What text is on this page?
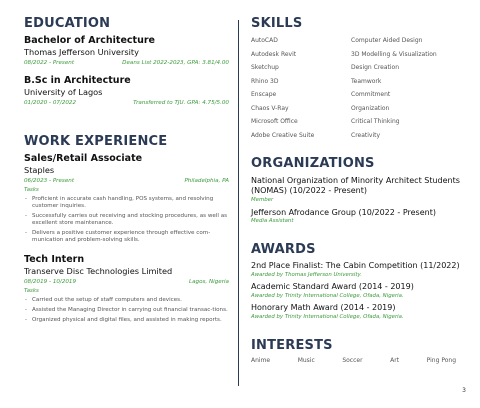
EDUCATION
Bachelor of Architecture
Thomas Jefferson University
08/2022 - Present	Deans List 2022-2023, GPA: 3.81/4.00
B.Sc in Architecture
University of Lagos
01/2020 - 07/2022	Transferred to TJU. GPA: 4.75/5.00
WORK EXPERIENCE
Sales/Retail Associate
Staples
06/2023 - Present	Philadelphia, PA
Tasks
- Proficient in accurate cash handling, POS systems, and resolving customer inquiries.
- Successfully carries out receiving and stocking procedures, as well as excellent store maintenance.
- Delivers a positive customer experience through effective com-munication and problem-solving skills.
Tech Intern
Transerve Disc Technologies Limited
08/2019 - 10/2019	Lagos, Nigeria
Tasks
- Carried out the setup of staff computers and devices.
- Assisted the Managing Director in carrying out financial transac-tions.
- Organized physical and digital files, and assisted in making reports.
SKILLS
AutoCAD	Computer Aided Design
Autodesk Revit	3D Modelling & Visualization
Sketchup	Design Creation
Rhino 3D	Teamwork
Enscape	Commitment
Chaos V-Ray	Organization
Microsoft Office	Critical Thinking
Adobe Creative Suite	Creativity
ORGANIZATIONS
National Organization of Minority Architect Students (NOMAS) (10/2022 - Present)
Member
Jefferson Afrodance Group (10/2022 - Present)
Media Assistant
AWARDS
2nd Place Finalist: The Cabin Competition (11/2022)
Awarded by Thomas Jefferson University.
Academic Standard Award (2014 - 2019)
Awarded by Trinity International College, Ofada, Nigeria.
Honorary Math Award (2014 - 2019)
Awarded by Trinity International College, Ofada, Nigeria.
INTERESTS
Anime	Music	Soccer	Art	Ping Pong
3
